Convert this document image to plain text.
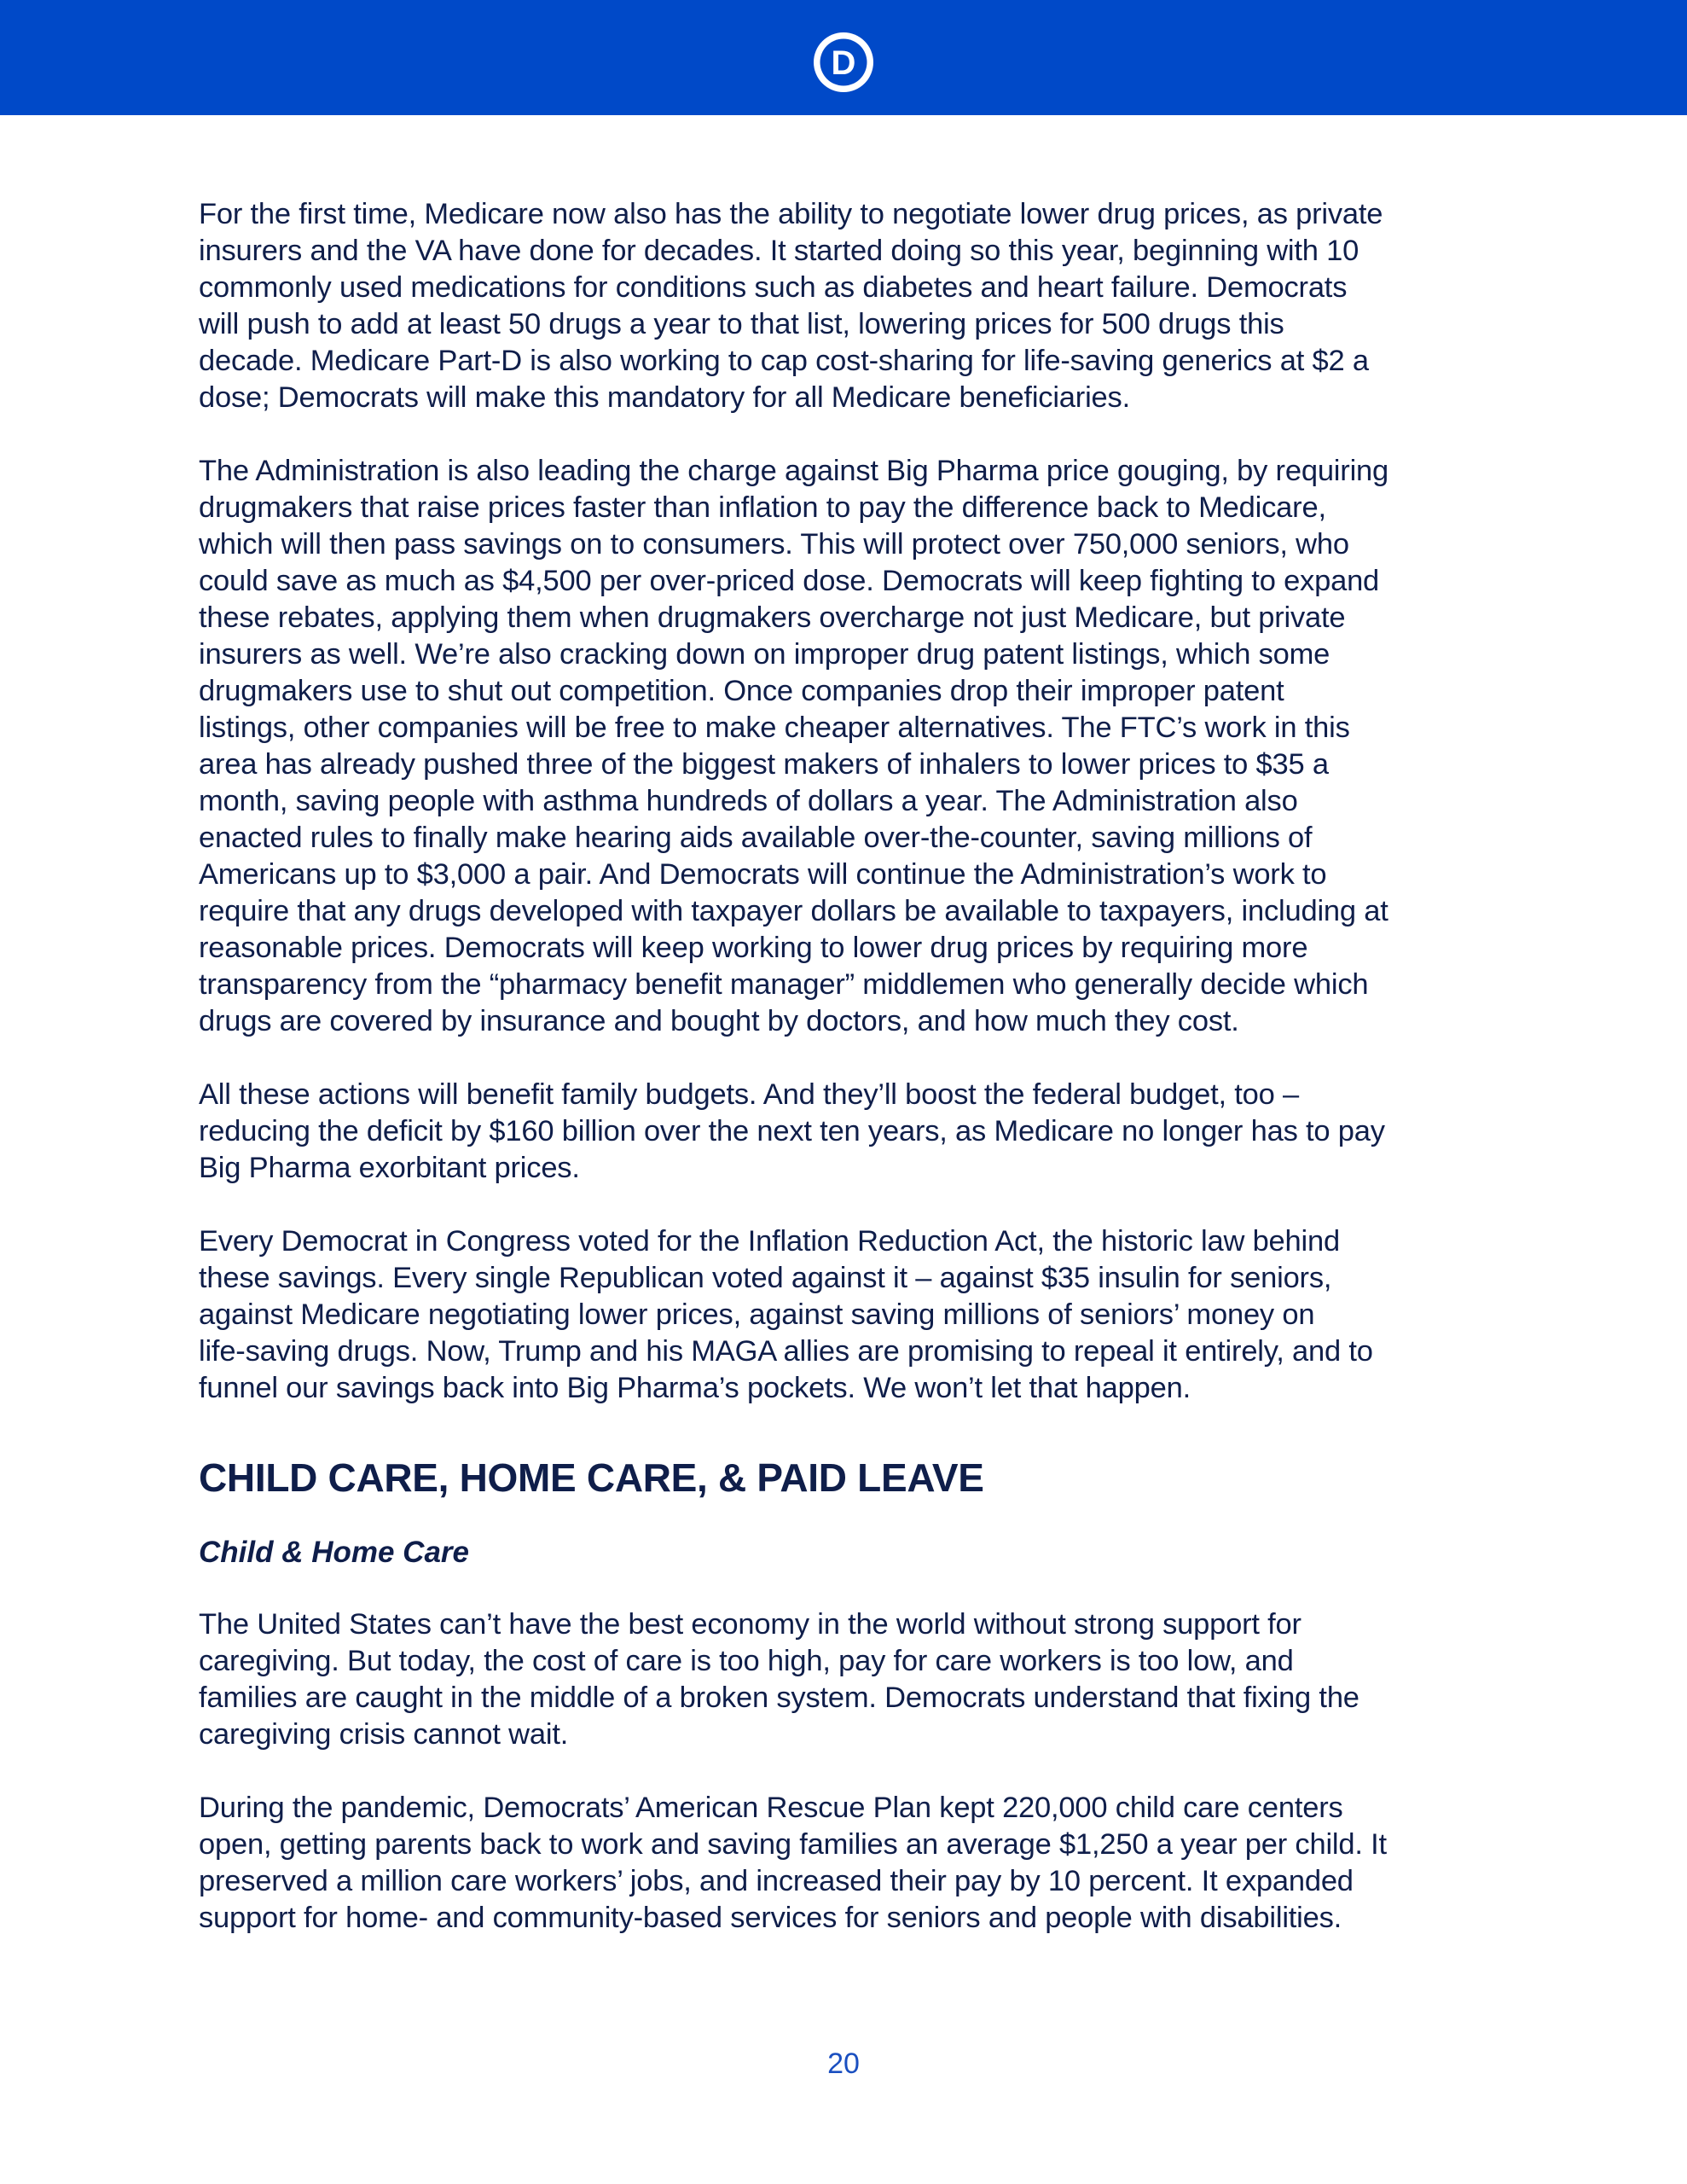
D

For the first time, Medicare now also has the ability to negotiate lower drug prices, as private
insurers and the VA have done for decades. It started doing so this year, beginning with 10
commonly used medications for conditions such as diabetes and heart failure. Democrats
will push to add at least 50 drugs a year to that list, lowering prices for 500 drugs this
decade. Medicare Part-D is also working to cap cost-sharing for life-saving generics at $2 a
dose; Democrats will make this mandatory for all Medicare beneficiaries.

The Administration is also leading the charge against Big Pharma price gouging, by requiring
drugmakers that raise prices faster than inflation to pay the difference back to Medicare,
which will then pass savings on to consumers. This will protect over 750,000 seniors, who
could save as much as $4,500 per over-priced dose. Democrats will keep fighting to expand
these rebates, applying them when drugmakers overcharge not just Medicare, but private
insurers as well. We’re also cracking down on improper drug patent listings, which some
drugmakers use to shut out competition. Once companies drop their improper patent
listings, other companies will be free to make cheaper alternatives. The FTC’s work in this
area has already pushed three of the biggest makers of inhalers to lower prices to $35 a
month, saving people with asthma hundreds of dollars a year. The Administration also
enacted rules to finally make hearing aids available over-the-counter, saving millions of
Americans up to $3,000 a pair. And Democrats will continue the Administration’s work to
require that any drugs developed with taxpayer dollars be available to taxpayers, including at
reasonable prices. Democrats will keep working to lower drug prices by requiring more
transparency from the “pharmacy benefit manager” middlemen who generally decide which
drugs are covered by insurance and bought by doctors, and how much they cost.

All these actions will benefit family budgets. And they’ll boost the federal budget, too –
reducing the deficit by $160 billion over the next ten years, as Medicare no longer has to pay
Big Pharma exorbitant prices.

Every Democrat in Congress voted for the Inflation Reduction Act, the historic law behind
these savings. Every single Republican voted against it – against $35 insulin for seniors,
against Medicare negotiating lower prices, against saving millions of seniors’ money on
life-saving drugs. Now, Trump and his MAGA allies are promising to repeal it entirely, and to
funnel our savings back into Big Pharma’s pockets. We won’t let that happen.

CHILD CARE, HOME CARE, & PAID LEAVE
Child & Home Care

The United States can’t have the best economy in the world without strong support for
caregiving. But today, the cost of care is too high, pay for care workers is too low, and
families are caught in the middle of a broken system. Democrats understand that fixing the
caregiving crisis cannot wait.

During the pandemic, Democrats’ American Rescue Plan kept 220,000 child care centers
open, getting parents back to work and saving families an average $1,250 a year per child. It
preserved a million care workers’ jobs, and increased their pay by 10 percent. It expanded
support for home- and community-based services for seniors and people with disabilities.

20
